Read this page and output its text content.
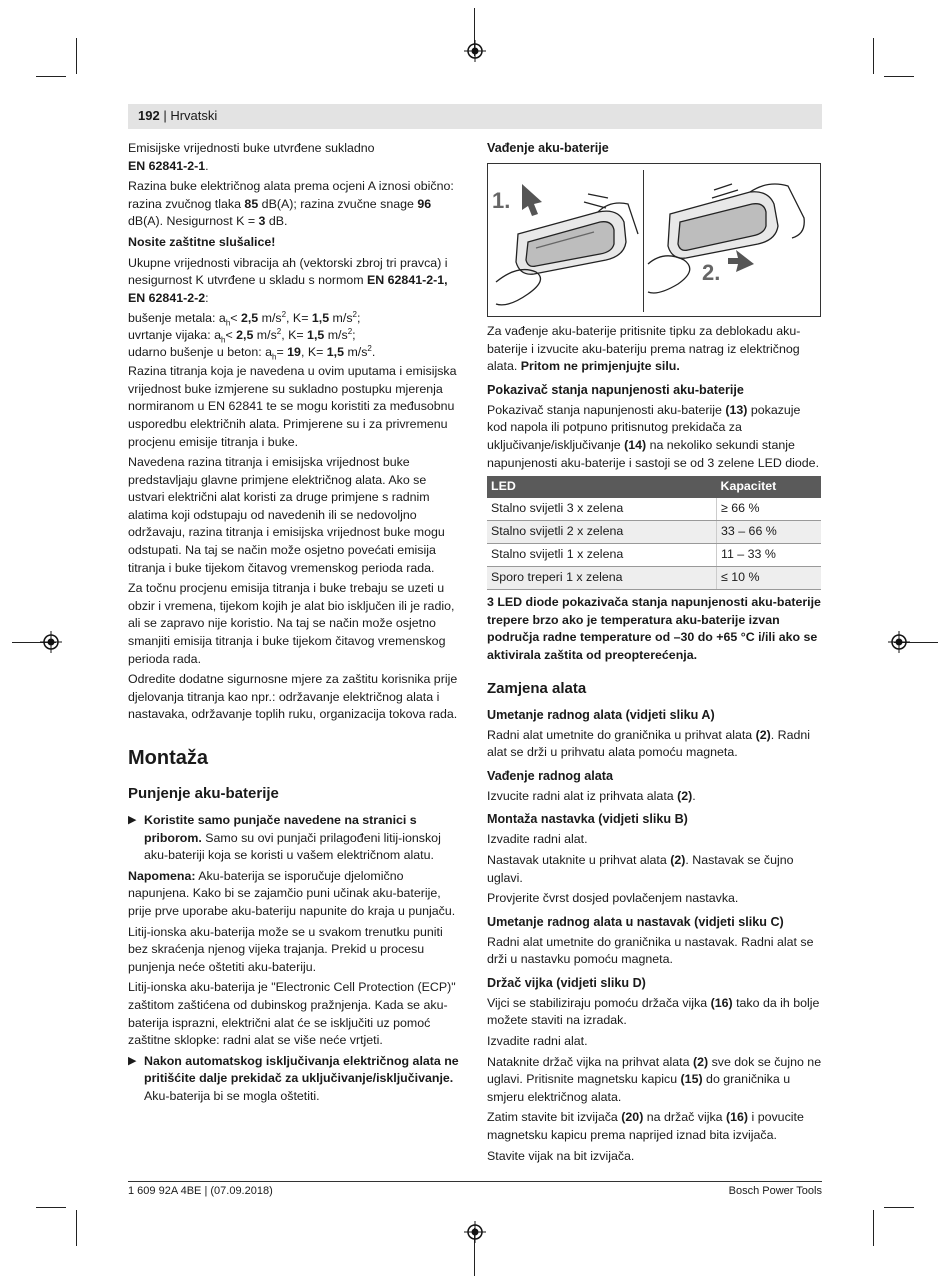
192 | Hrvatski

Emisijske vrijednosti buke utvrđene sukladno
EN 62841-2-1.

Razina buke električnog alata prema ocjeni A iznosi obično: razina zvučnog tlaka 85 dB(A); razina zvučne snage 96 dB(A). Nesigurnost K = 3 dB.

Nosite zaštitne slušalice!

Ukupne vrijednosti vibracija ah (vektorski zbroj tri pravca) i nesigurnost K utvrđene u skladu s normom EN 62841-2-1, EN 62841-2-2:

bušenje metala: $a_h< 2,5$ $m/s^2$, K= 1,5 $m/s^2$;
uvrtanje vijaka: $a_h< 2,5$ $m/s^2$, K= 1,5 $m/s^2$;
udarno bušenje u beton: $a_h= 19$, K= 1,5 $m/s^2$.

Razina titranja koja je navedena u ovim uputama i emisijska vrijednost buke izmjerene su sukladno postupku mjerenja normiranom u EN 62841 te se mogu koristiti za međusobnu usporedbu električnih alata. Primjerene su i za privremenu procjenu emisije titranja i buke.

Navedena razina titranja i emisijska vrijednost buke predstavljaju glavne primjene električnog alata. Ako se ustvari električni alat koristi za druge primjene s radnim alatima koji odstupaju od navedenih ili se nedovoljno održavaju, razina titranja i emisijska vrijednost buke mogu odstupati. Na taj se način može osjetno povećati emisija titranja i buke tijekom čitavog vremenskog perioda rada.

Za točnu procjenu emisija titranja i buke trebaju se uzeti u obzir i vremena, tijekom kojih je alat bio isključen ili je radio, ali se zapravo nije koristio. Na taj se način može osjetno smanjiti emisija titranja i buke tijekom čitavog vremenskog perioda rada.

Odredite dodatne sigurnosne mjere za zaštitu korisnika prije djelovanja titranja kao npr.: održavanje električnog alata i nastavaka, održavanje toplih ruku, organizacija tokova rada.

Montaža
Punjenje aku-baterije
▶ Koristite samo punjače navedene na stranici s priborom. Samo su ovi punjači prilagođeni litij-ionskoj aku-bateriji koja se koristi u vašem električnom alatu.

Napomena: Aku-baterija se isporučuje djelomično napunjena. Kako bi se zajamčio puni učinak aku-baterije, prije prve uporabe aku-bateriju napunite do kraja u punjaču.

Litij-ionska aku-baterija može se u svakom trenutku puniti bez skraćenja njenog vijeka trajanja. Prekid u procesu punjenja neće oštetiti aku-bateriju.

Litij-ionska aku-baterija je "Electronic Cell Protection (ECP)" zaštitom zaštićena od dubinskog pražnjenja. Kada se aku-baterija isprazni, električni alat će se isključiti uz pomoć zaštitne sklopke: radni alat se više neće vrtjeti.

▶ Nakon automatskog isključivanja električnog alata ne pritišćite dalje prekidač za uključivanje/isključivanje. Aku-baterija bi se mogla oštetiti.
Vađenje aku-baterije
1.
2.

Za vađenje aku-baterije pritisnite tipku za deblokadu aku-baterije i izvucite aku-bateriju prema natrag iz električnog alata. Pritom ne primjenjujte silu.

Pokazivač stanja napunjenosti aku-baterije

Pokazivač stanja napunjenosti aku-baterije (13) pokazuje kod napola ili potpuno pritisnutog prekidača za uključivanje/isključivanje (14) na nekoliko sekundi stanje napunjenosti aku-baterije i sastoji se od 3 zelene LED diode.

LED	Kapacitet
Stalno svijetli 3 x zelena	≥ 66 %
Stalno svijetli 2 x zelena	33 – 66 %
Stalno svijetli 1 x zelena	11 – 33 %
Sporo treperi 1 x zelena	≤ 10 %

3 LED diode pokazivača stanja napunjenosti aku-baterije trepere brzo ako je temperatura aku-baterije izvan područja radne temperature od –30 do +65 °C i/ili ako se aktivirala zaštita od preopterećenja.

Zamjena alata
Umetanje radnog alata (vidjeti sliku A)

Radni alat umetnite do graničnika u prihvat alata (2). Radni alat se drži u prihvatu alata pomoću magneta.

Vađenje radnog alata

Izvucite radni alat iz prihvata alata (2).

Montaža nastavka (vidjeti sliku B)

Izvadite radni alat.

Nastavak utaknite u prihvat alata (2). Nastavak se čujno uglavi.

Provjerite čvrst dosjed povlačenjem nastavka.

Umetanje radnog alata u nastavak (vidjeti sliku C)

Radni alat umetnite do graničnika u nastavak. Radni alat se drži u nastavku pomoću magneta.

Držač vijka (vidjeti sliku D)

Vijci se stabiliziraju pomoću držača vijka (16) tako da ih bolje možete staviti na izradak.

Izvadite radni alat.

Nataknite držač vijka na prihvat alata (2) sve dok se čujno ne uglavi. Pritisnite magnetsku kapicu (15) do graničnika u smjeru električnog alata.

Zatim stavite bit izvijača (20) na držač vijka (16) i povucite magnetsku kapicu prema naprijed iznad bita izvijača.

Stavite vijak na bit izvijača.

1 609 92A 4BE | (07.09.2018)	Bosch Power Tools
